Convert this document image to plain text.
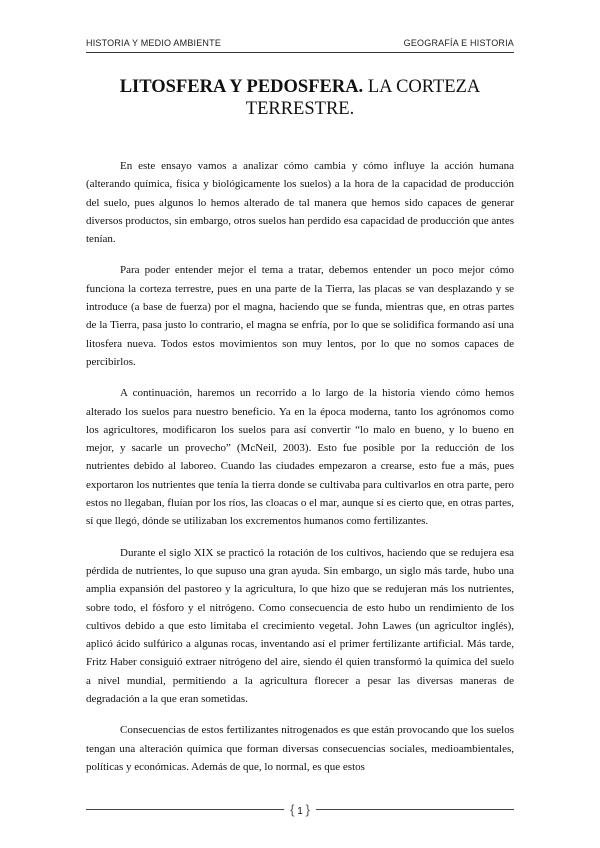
HISTORIA Y MEDIO AMBIENTE	GEOGRAFÍA E HISTORIA
LITOSFERA Y PEDOSFERA. LA CORTEZA TERRESTRE.

En este ensayo vamos a analizar cómo cambia y cómo influye la acción humana (alterando química, física y biológicamente los suelos) a la hora de la capacidad de producción del suelo, pues algunos lo hemos alterado de tal manera que hemos sido capaces de generar diversos productos, sin embargo, otros suelos han perdido esa capacidad de producción que antes tenían.

Para poder entender mejor el tema a tratar, debemos entender un poco mejor cómo funciona la corteza terrestre, pues en una parte de la Tierra, las placas se van desplazando y se introduce (a base de fuerza) por el magna, haciendo que se funda, mientras que, en otras partes de la Tierra, pasa justo lo contrario, el magna se enfría, por lo que se solidifica formando así una litosfera nueva. Todos estos movimientos son muy lentos, por lo que no somos capaces de percibirlos.

A continuación, haremos un recorrido a lo largo de la historia viendo cómo hemos alterado los suelos para nuestro beneficio. Ya en la época moderna, tanto los agrónomos como los agricultores, modificaron los suelos para así convertir “lo malo en bueno, y lo bueno en mejor, y sacarle un provecho” (McNeil, 2003). Esto fue posible por la reducción de los nutrientes debido al laboreo. Cuando las ciudades empezaron a crearse, esto fue a más, pues exportaron los nutrientes que tenía la tierra donde se cultivaba para cultivarlos en otra parte, pero estos no llegaban, fluían por los ríos, las cloacas o el mar, aunque sí es cierto que, en otras partes, sí que llegó, dónde se utilizaban los excrementos humanos como fertilizantes.

Durante el siglo XIX se practicó la rotación de los cultivos, haciendo que se redujera esa pérdida de nutrientes, lo que supuso una gran ayuda. Sin embargo, un siglo más tarde, hubo una amplia expansión del pastoreo y la agricultura, lo que hizo que se redujeran más los nutrientes, sobre todo, el fósforo y el nitrógeno. Como consecuencia de esto hubo un rendimiento de los cultivos debido a que esto limitaba el crecimiento vegetal. John Lawes (un agricultor inglés), aplicó ácido sulfúrico a algunas rocas, inventando así el primer fertilizante artificial. Más tarde, Fritz Haber consiguió extraer nitrógeno del aire, siendo él quien transformó la química del suelo a nivel mundial, permitiendo a la agricultura florecer a pesar las diversas maneras de degradación a la que eran sometidas.

Consecuencias de estos fertilizantes nitrogenados es que están provocando que los suelos tengan una alteración química que forman diversas consecuencias sociales, medioambientales, políticas y económicas. Además de que, lo normal, es que estos

{ 1 }
